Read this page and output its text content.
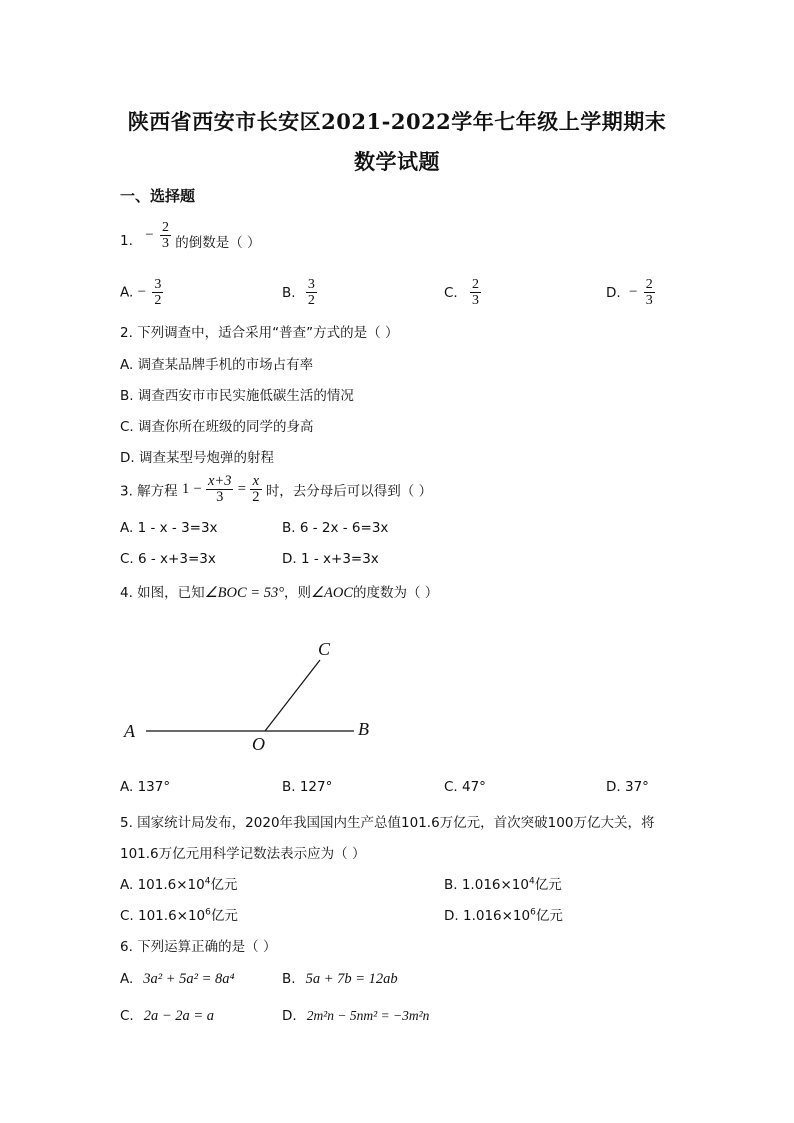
陕西省西安市长安区2021-2022学年七年级上学期期末
数学试题
一、选择题
1. − $\frac{2}{3}$ 的倒数是（ ）
A. − $\frac{3}{2}$	B. $\frac{3}{2}$	C. $\frac{2}{3}$	D. − $\frac{2}{3}$
2. 下列调查中，适合采用“普查”方式的是（ ）
A. 调查某品牌手机的市场占有率
B. 调查西安市市民实施低碳生活的情况
C. 调查你所在班级的同学的身高
D. 调查某型号炮弹的射程
3. 解方程 $1 - \frac{x+3}{3} = \frac{x}{2}$ 时，去分母后可以得到（ ）
A. 1 - x - 3=3x	B. 6 - 2x - 6=3x
C. 6 - x+3=3x	D. 1 - x+3=3x
4. 如图，已知∠BOC = 53°，则∠AOC的度数为（ ）
A	B
C
O
A. 137°	B. 127°	C. 47°	D. 37°
5. 国家统计局发布，2020年我国国内生产总值101.6万亿元，首次突破100万亿大关，将
101.6万亿元用科学记数法表示应为（ ）
A. $101.6\times 10^4$亿元	B. $1.016\times 10^4$亿元
C. $101.6\times 10^6$亿元	D. $1.016\times 10^6$亿元
6. 下列运算正确的是（ ）
A. 3a² + 5a² = 8a⁴	B. 5a + 7b = 12ab
C. 2a − 2a = a	D. 2m²n − 5nm² = −3m²n
